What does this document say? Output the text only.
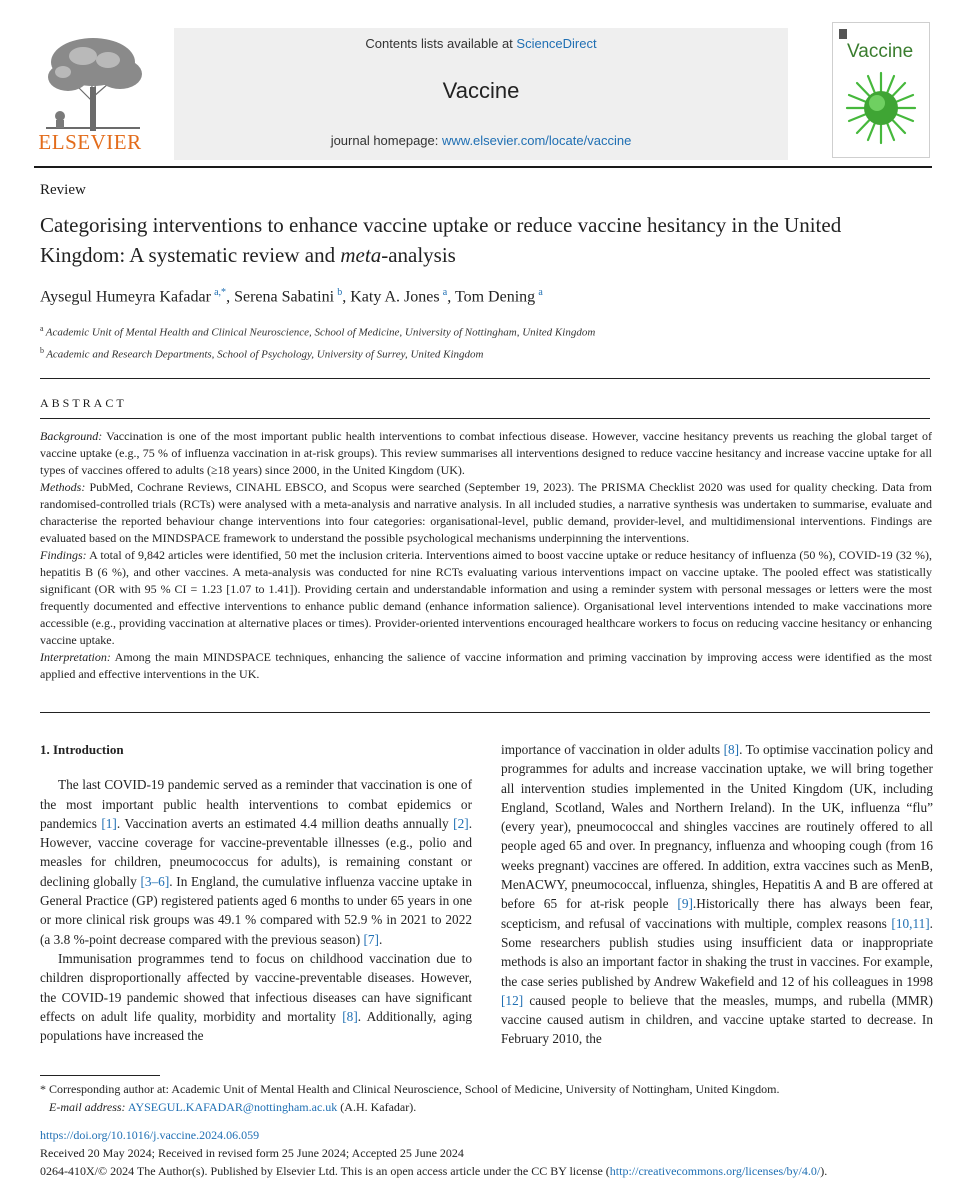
ELSEVIER
Contents lists available at ScienceDirect
Vaccine
journal homepage: www.elsevier.com/locate/vaccine
Vaccine
Review
Categorising interventions to enhance vaccine uptake or reduce vaccine hesitancy in the United Kingdom: A systematic review and meta-analysis
Aysegul Humeyra Kafadar  $^{a,*}$, Serena Sabatini  $^b$, Katy A. Jones  $^a$, Tom Dening  $^a$
$^a$  Academic Unit of Mental Health and Clinical Neuroscience, School of Medicine, University of Nottingham, United Kingdom
$^b$  Academic and Research Departments, School of Psychology, University of Surrey, United Kingdom
ABSTRACT

Background: Vaccination is one of the most important public health interventions to combat infectious disease. However, vaccine hesitancy prevents us reaching the global target of vaccine uptake (e.g., 75 % of influenza vaccination in at-risk groups). This review summarises all interventions designed to reduce vaccine hesitancy and increase vaccine uptake for all types of vaccines offered to adults (≥18 years) since 2000, in the United Kingdom (UK).

Methods: PubMed, Cochrane Reviews, CINAHL EBSCO, and Scopus were searched (September 19, 2023). The PRISMA Checklist 2020 was used for quality checking. Data from randomised-controlled trials (RCTs) were analysed with a meta-analysis and narrative analysis. In all included studies, a narrative synthesis was undertaken to summarise, evaluate and characterise the reported behaviour change interventions into four categories: organisational-level, public demand, provider-level, and multidimensional interventions. Findings are evaluated based on the MINDSPACE framework to understand the possible psychological mechanisms underpinning the interventions.

Findings: A total of 9,842 articles were identified, 50 met the inclusion criteria. Interventions aimed to boost vaccine uptake or reduce hesitancy of influenza (50 %), COVID-19 (32 %), hepatitis B (6 %), and other vaccines. A meta-analysis was conducted for nine RCTs evaluating various interventions impact on vaccine uptake. The pooled effect was statistically significant (OR with 95 % CI = 1.23 [1.07 to 1.41]). Providing certain and understandable information and using a reminder system with personal messages or letters were the most frequently documented and effective interventions to enhance public demand (enhance information salience). Organisational level interventions intended to make vaccinations more accessible (e.g., providing vaccination at alternative places or times). Provider-oriented interventions encouraged healthcare workers to focus on reducing vaccine hesitancy or enhancing vaccine uptake.

Interpretation: Among the main MINDSPACE techniques, enhancing the salience of vaccine information and priming vaccination by improving access were identified as the most applied and effective interventions in the UK.

1. Introduction

The last COVID-19 pandemic served as a reminder that vaccination is one of the most important public health interventions to combat epidemics or pandemics [1]. Vaccination averts an estimated 4.4 million deaths annually [2]. However, vaccine coverage for vaccine-preventable illnesses (e.g., polio and measles for children, pneumococcus for adults), is remaining constant or declining globally [3–6]. In England, the cumulative influenza vaccine uptake in General Practice (GP) registered patients aged 6 months to under 65 years in one or more clinical risk groups was 49.1 % compared with 52.9 % in 2021 to 2022 (a 3.8 %-point decrease compared with the previous season) [7].

Immunisation programmes tend to focus on childhood vaccination due to children disproportionally affected by vaccine-preventable diseases. However, the COVID-19 pandemic showed that infectious diseases can have significant effects on adult life quality, morbidity and mortality [8]. Additionally, aging populations have increased the

importance of vaccination in older adults [8]. To optimise vaccination policy and programmes for adults and increase vaccination uptake, we will bring together all intervention studies implemented in the United Kingdom (UK, including England, Scotland, Wales and Northern Ireland). In the UK, influenza “flu” (every year), pneumococcal and shingles vaccines are routinely offered to all people aged 65 and over. In pregnancy, influenza and whooping cough (from 16 weeks pregnant) vaccines are offered. In addition, extra vaccines such as MenB, MenACWY, pneumococcal, influenza, shingles, Hepatitis A and B are offered at before 65 for at-risk people [9].Historically there has always been fear, scepticism, and refusal of vaccinations with multiple, complex reasons [10,11]. Some researchers publish studies using insufficient data or inappropriate methods is also an important factor in shaking the trust in vaccines. For example, the case series published by Andrew Wakefield and 12 of his colleagues in 1998 [12] caused people to believe that the measles, mumps, and rubella (MMR) vaccine caused autism in children, and vaccine uptake started to decrease. In February 2010, the

* Corresponding author at: Academic Unit of Mental Health and Clinical Neuroscience, School of Medicine, University of Nottingham, United Kingdom.
E-mail address: AYSEGUL.KAFADAR@nottingham.ac.uk (A.H. Kafadar).
https://doi.org/10.1016/j.vaccine.2024.06.059
Received 20 May 2024; Received in revised form 25 June 2024; Accepted 25 June 2024
0264-410X/© 2024 The Author(s). Published by Elsevier Ltd. This is an open access article under the CC BY license (http://creativecommons.org/licenses/by/4.0/).
